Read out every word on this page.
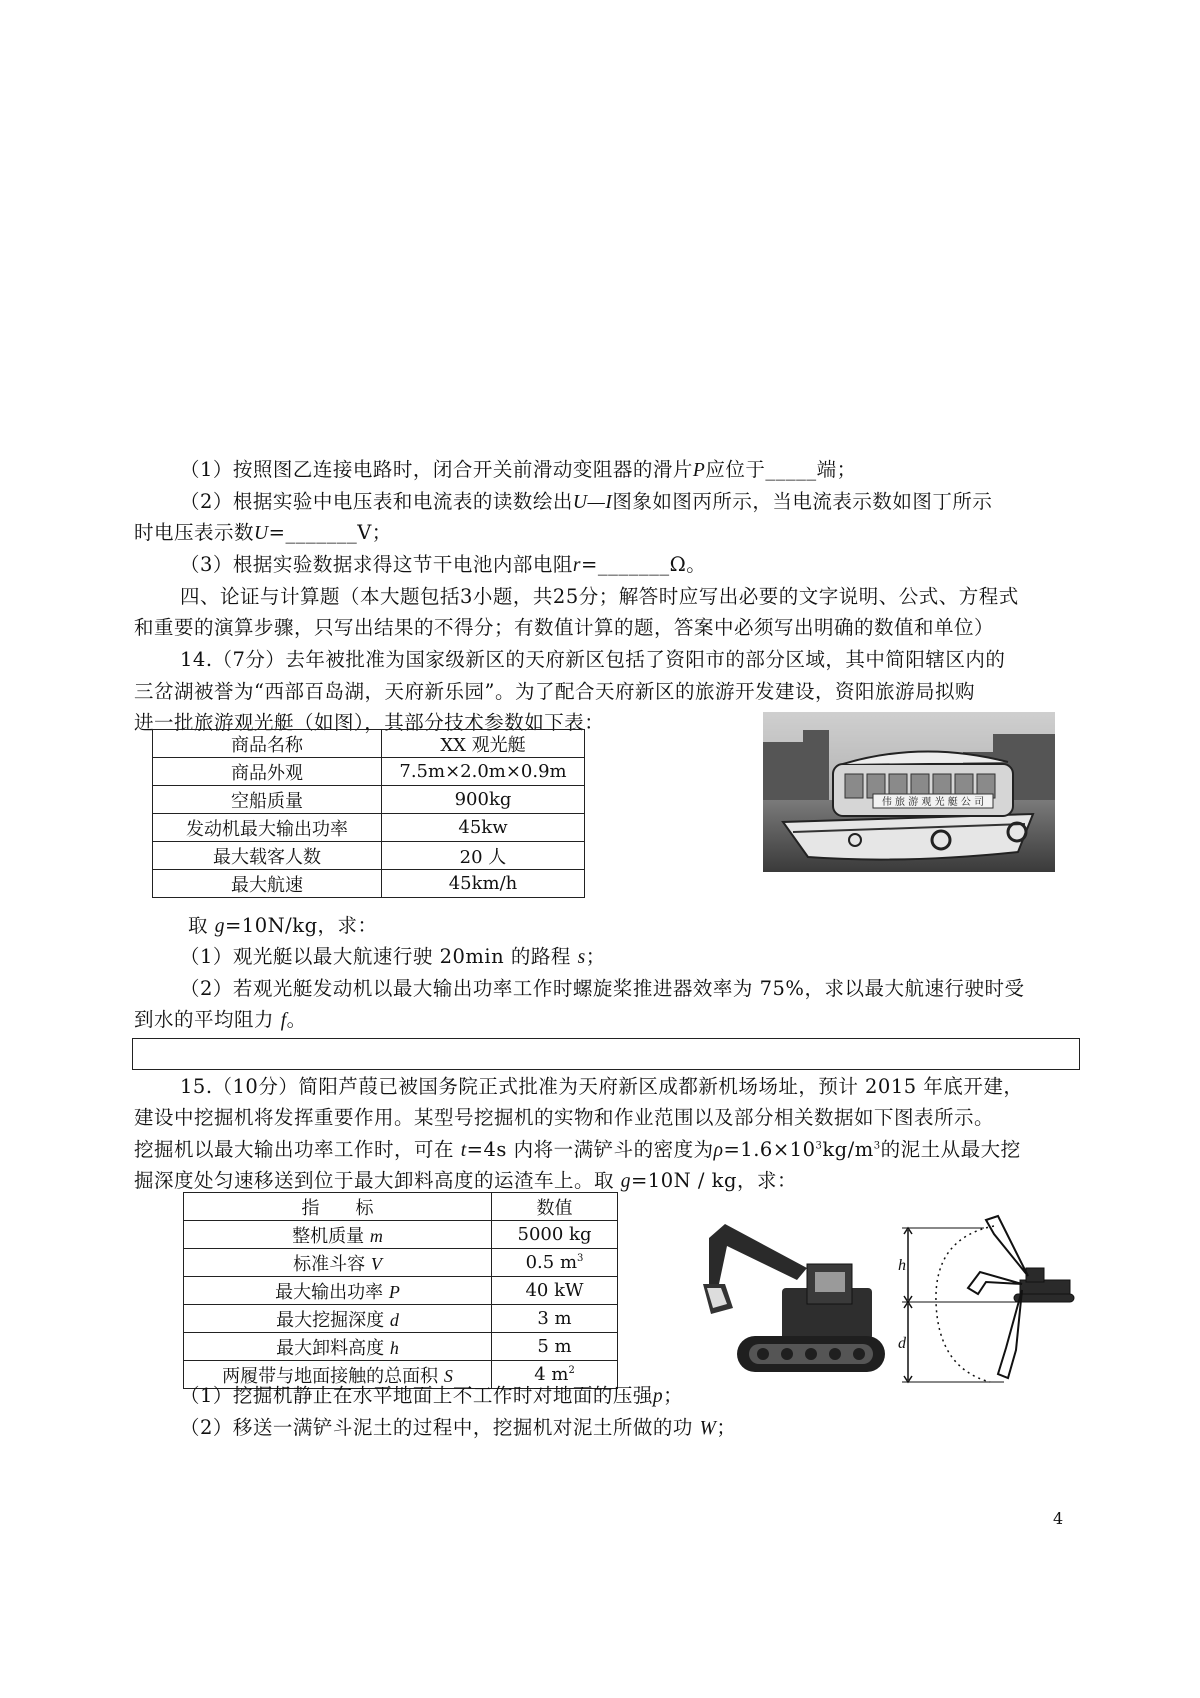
（1）按照图乙连接电路时，闭合开关前滑动变阻器的滑片P应位于_____端；
（2）根据实验中电压表和电流表的读数绘出U—I图象如图丙所示，当电流表示数如图丁所示
时电压表示数U=_______V；
（3）根据实验数据求得这节干电池内部电阻r=_______Ω。
四、论证与计算题（本大题包括3小题，共25分；解答时应写出必要的文字说明、公式、方程式
和重要的演算步骤，只写出结果的不得分；有数值计算的题，答案中必须写出明确的数值和单位）
14.（7分）去年被批准为国家级新区的天府新区包括了资阳市的部分区域，其中简阳辖区内的
三岔湖被誉为“西部百岛湖，天府新乐园”。为了配合天府新区的旅游开发建设，资阳旅游局拟购
进一批旅游观光艇（如图），其部分技术参数如下表：
商品名称	XX 观光艇
商品外观	7.5m×2.0m×0.9m
空船质量	900kg
发动机最大输出功率	45kw
最大载客人数	20 人
最大航速	45km/h
伟 旅 游 观 光 艇 公 司
取 g=10N/kg，求：
（1）观光艇以最大航速行驶 20min 的路程 s；
（2）若观光艇发动机以最大输出功率工作时螺旋桨推进器效率为 75%，求以最大航速行驶时受
到水的平均阻力 f。
15.（10分）简阳芦葭已被国务院正式批准为天府新区成都新机场场址，预计 2015 年底开建，
建设中挖掘机将发挥重要作用。某型号挖掘机的实物和作业范围以及部分相关数据如下图表所示。
挖掘机以最大输出功率工作时，可在 t=4s 内将一满铲斗的密度为$\rho=1.6\times 10^3kg/m^3$的泥土从最大挖
掘深度处匀速移送到位于最大卸料高度的运渣车上。取 g=10N / kg，求：
指　　标	数值
整机质量 m	5000 kg
标准斗容 V	0.5 $m^3$
最大输出功率 P	40 kW
最大挖掘深度 d	3 m
最大卸料高度 h	5 m
两履带与地面接触的总面积 S	4 $m^2$
h
d
（1）挖掘机静止在水平地面上不工作时对地面的压强p；
（2）移送一满铲斗泥土的过程中，挖掘机对泥土所做的功 W；
4
